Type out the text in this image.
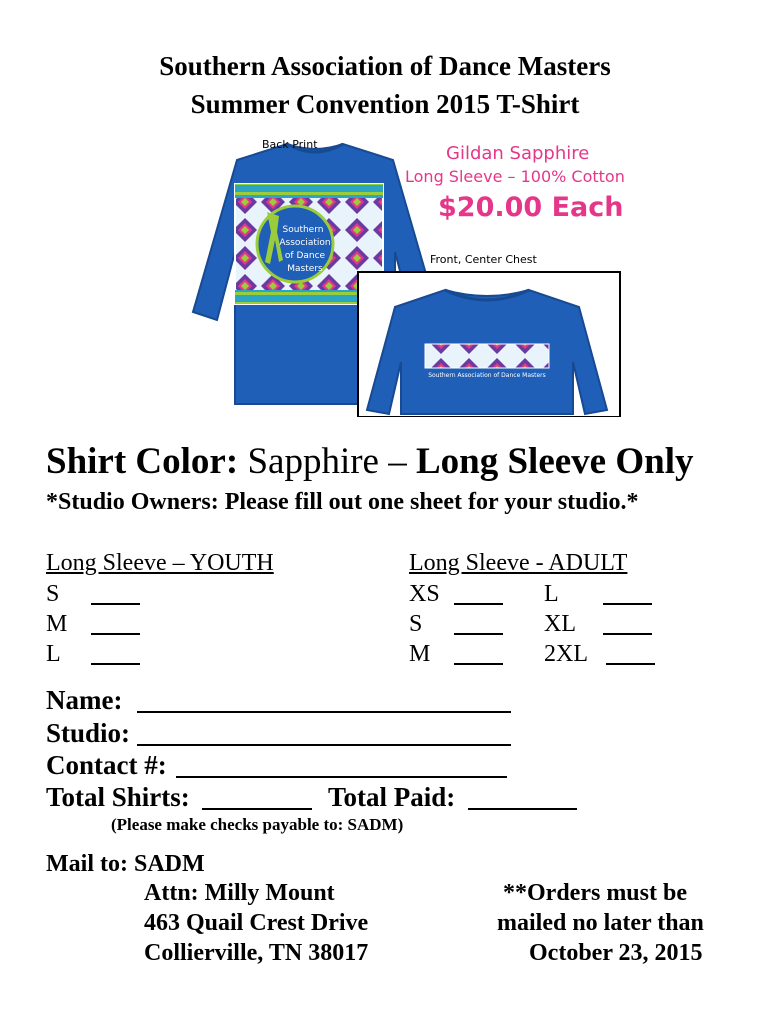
Southern Association of Dance Masters
Summer Convention 2015 T-Shirt
Southern
Association
of Dance
Masters
Southern Association of Dance Masters
Back Print
Front, Center Chest
Gildan Sapphire
Long Sleeve – 100% Cotton
$20.00 Each
Shirt Color: Sapphire – Long Sleeve Only
*Studio Owners: Please fill out one sheet for your studio.*
Long Sleeve – YOUTH
S
M
L
Long Sleeve - ADULT
XS
S
M
L
XL
2XL
Name:
Studio:
Contact #:
Total Shirts:	Total Paid:
(Please make checks payable to: SADM)
Mail to: SADM
Attn: Milly Mount
463 Quail Crest Drive
Collierville, TN 38017
**Orders must be
mailed no later than
October 23, 2015
